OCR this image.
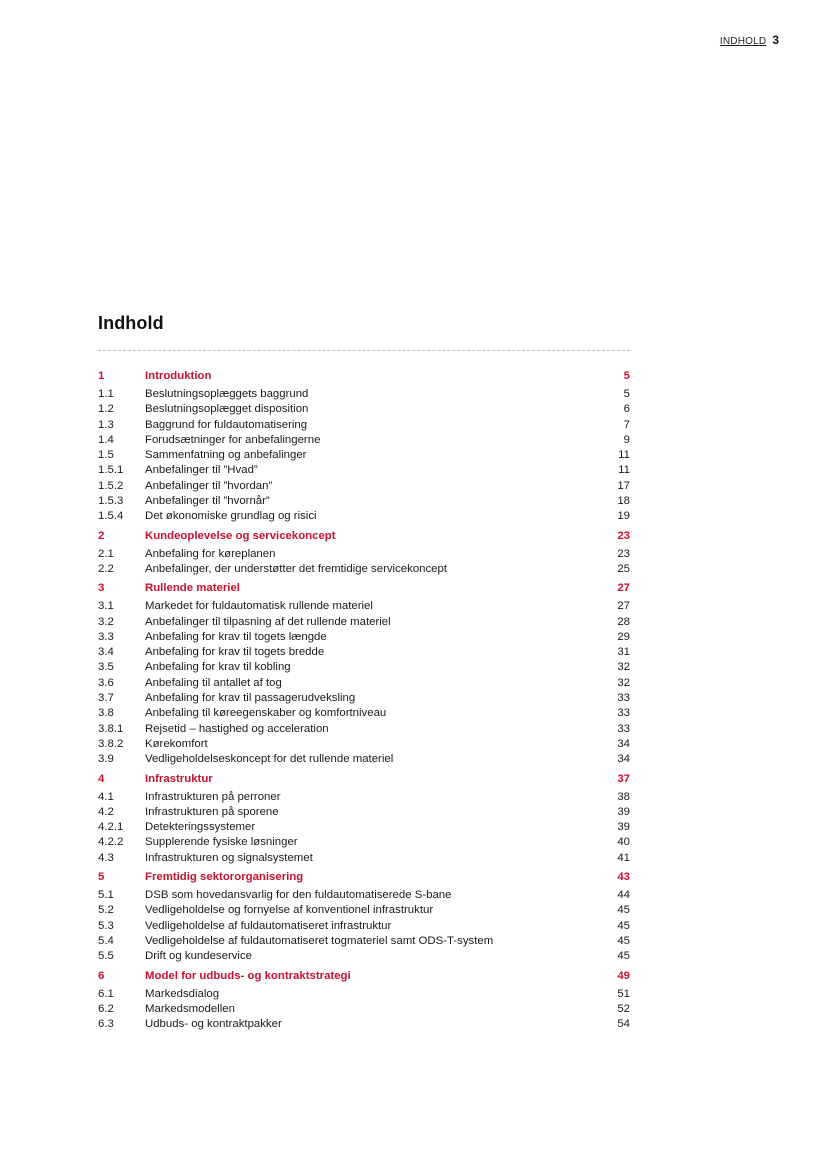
INDHOLD 3
Indhold
1	Introduktion	5
1.1	Beslutningsoplæggets baggrund	5
1.2	Beslutningsoplægget disposition	6
1.3	Baggrund for fuldautomatisering	7
1.4	Forudsætninger for anbefalingerne	9
1.5	Sammenfatning og anbefalinger	11
1.5.1	Anbefalinger til ”Hvad”	11
1.5.2	Anbefalinger til ”hvordan”	17
1.5.3	Anbefalinger til ”hvornår”	18
1.5.4	Det økonomiske grundlag og risici	19
2	Kundeoplevelse og servicekoncept	23
2.1	Anbefaling for køreplanen	23
2.2	Anbefalinger, der understøtter det fremtidige servicekoncept	25
3	Rullende materiel	27
3.1	Markedet for fuldautomatisk rullende materiel	27
3.2	Anbefalinger til tilpasning af det rullende materiel	28
3.3	Anbefaling for krav til togets længde	29
3.4	Anbefaling for krav til togets bredde	31
3.5	Anbefaling for krav til kobling	32
3.6	Anbefaling til antallet af tog	32
3.7	Anbefaling for krav til passagerudveksling	33
3.8	Anbefaling til køreegenskaber og komfortniveau	33
3.8.1	Rejsetid – hastighed og acceleration	33
3.8.2	Kørekomfort	34
3.9	Vedligeholdelseskoncept for det rullende materiel	34
4	Infrastruktur	37
4.1	Infrastrukturen på perroner	38
4.2	Infrastrukturen på sporene	39
4.2.1	Detekteringssystemer	39
4.2.2	Supplerende fysiske løsninger	40
4.3	Infrastrukturen og signalsystemet	41
5	Fremtidig sektororganisering	43
5.1	DSB som hovedansvarlig for den fuldautomatiserede S-bane	44
5.2	Vedligeholdelse og fornyelse af konventionel infrastruktur	45
5.3	Vedligeholdelse af fuldautomatiseret infrastruktur	45
5.4	Vedligeholdelse af fuldautomatiseret togmateriel samt ODS-T-system	45
5.5	Drift og kundeservice	45
6	Model for udbuds- og kontraktstrategi	49
6.1	Markedsdialog	51
6.2	Markedsmodellen	52
6.3	Udbuds- og kontraktpakker	54
